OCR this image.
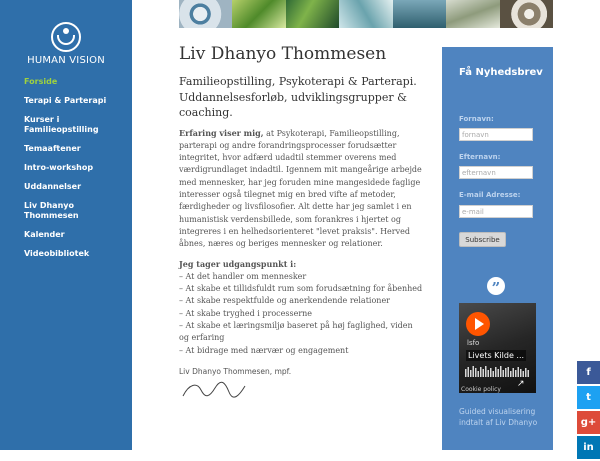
HUMAN VISION
Forside
Terapi & Parterapi
Kurser i Familieopstilling
Temaaftener
Intro-workshop
Uddannelser
Liv Dhanyo Thommesen
Kalender
Videobibliotek
Liv Dhanyo Thommesen

Familieopstilling, Psykoterapi & Parterapi. Uddannelsesforløb, udviklingsgrupper & coaching.

Erfaring viser mig, at Psykoterapi, Familieopstilling, parterapi og andre forandringsprocesser forudsætter integritet, hvor adfærd udadtil stemmer overens med værdigrundlaget indadtil. Igennem mit mangeårige arbejde med mennesker, har jeg foruden mine mangesidede faglige interesser også tilegnet mig en bred vifte af metoder, færdigheder og livsfilosofier. Alt dette har jeg samlet i en humanistisk verdensbillede, som forankres i hjertet og integreres i en helhedsorienteret "levet praksis". Herved åbnes, næres og beriges mennesker og relationer.

Jeg tager udgangspunkt i:
– At det handler om mennesker
– At skabe et tillidsfuldt rum som forudsætning for åbenhed
– At skabe respektfulde og anerkendende relationer
– At skabe tryghed i processerne
– At skabe et læringsmiljø baseret på høj faglighed, viden og erfaring
– At bidrage med nærvær og engagement
Liv Dhanyo Thommesen, mpf.
Få Nyhedsbrev
Fornavn:
fornavn
Efternavn:
efternavn
E-mail Adresse:
e-mail
Subscribe
”
lsfo
Livets Kilde ...
↗
Cookie policy
Guided visualisering indtalt af Liv Dhanyo
f
t
g+
in
